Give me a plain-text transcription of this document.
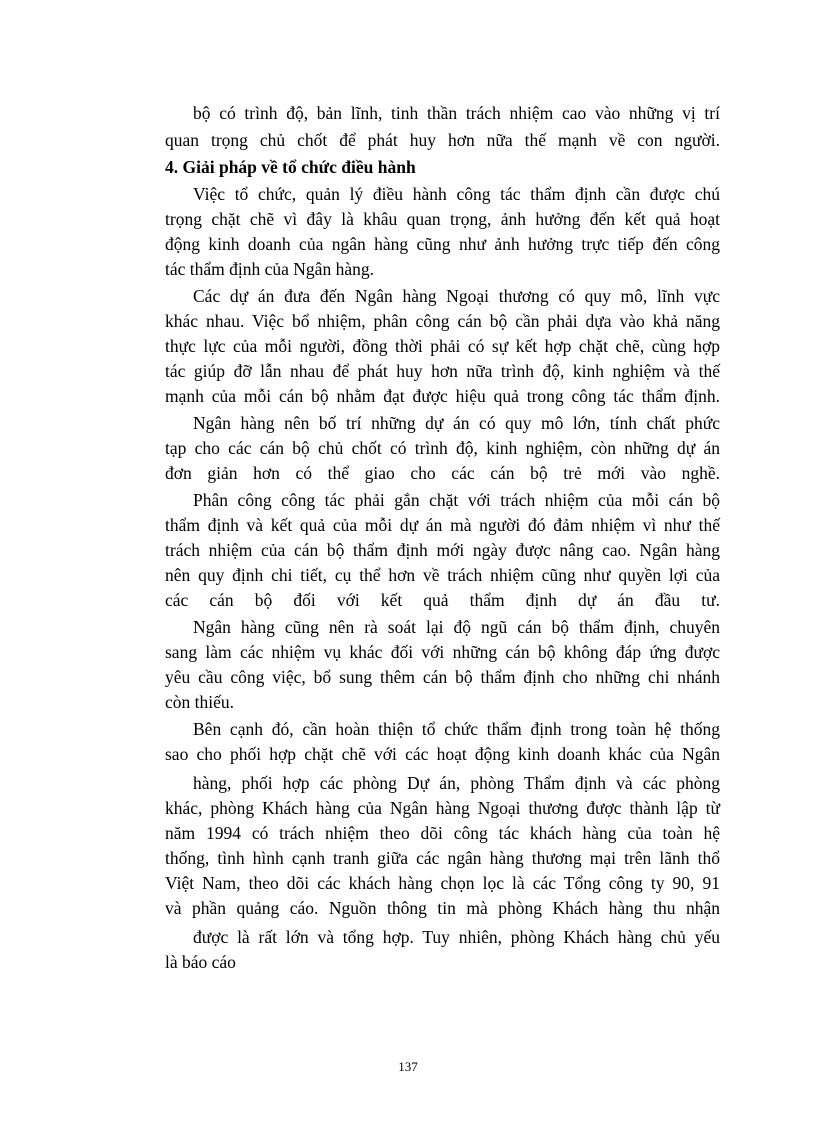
bộ có trình độ, bản lĩnh, tinh thần trách nhiệm cao vào những vị trí
quan trọng chủ chốt để phát huy hơn nữa thế mạnh về con người.
4. Giải pháp về tổ chức điều hành
Việc tổ chức, quản lý điều hành công tác thẩm định cần được chú
trọng chặt chẽ vì đây là khâu quan trọng, ảnh hưởng đến kết quả hoạt
động kinh doanh của ngân hàng cũng như ảnh hưởng trực tiếp đến công
tác thẩm định của Ngân hàng.
Các dự án đưa đến Ngân hàng Ngoại thương có quy mô, lĩnh vực
khác nhau. Việc bổ nhiệm, phân công cán bộ cần phải dựa vào khả năng
thực lực của mỗi người, đồng thời phải có sự kết hợp chặt chẽ, cùng hợp
tác giúp đỡ lẫn nhau để phát huy hơn nữa trình độ, kinh nghiệm và thế
mạnh của mỗi cán bộ nhằm đạt được hiệu quả trong công tác thẩm định.
Ngân hàng nên bố trí những dự án có quy mô lớn, tính chất phức
tạp cho các cán bộ chủ chốt có trình độ, kinh nghiệm, còn những dự án
đơn giản hơn có thể giao cho các cán bộ trẻ mới vào nghề.
Phân công công tác phải gắn chặt với trách nhiệm của mỗi cán bộ
thẩm định và kết quả của mỗi dự án mà người đó đảm nhiệm vì như thế
trách nhiệm của cán bộ thẩm định mới ngày được nâng cao. Ngân hàng
nên quy định chi tiết, cụ thể hơn về trách nhiệm cũng như quyền lợi của
các cán bộ đối với kết quả thẩm định dự án đầu tư.
Ngân hàng cũng nên rà soát lại độ ngũ cán bộ thẩm định, chuyên
sang làm các nhiệm vụ khác đối với những cán bộ không đáp ứng được
yêu cầu công việc, bổ sung thêm cán bộ thẩm định cho những chi nhánh
còn thiếu.
Bên cạnh đó, cần hoàn thiện tổ chức thẩm định trong toàn hệ thống
sao cho phối hợp chặt chẽ với các hoạt động kinh doanh khác của Ngân
hàng, phối hợp các phòng Dự án, phòng Thẩm định và các phòng
khác, phòng Khách hàng của Ngân hàng Ngoại thương được thành lập từ
năm 1994 có trách nhiệm theo dõi công tác khách hàng của toàn hệ
thống, tình hình cạnh tranh giữa các ngân hàng thương mại trên lãnh thổ
Việt Nam, theo dõi các khách hàng chọn lọc là các Tổng công ty 90, 91
và phần quảng cáo. Nguồn thông tin mà phòng Khách hàng thu nhận
được là rất lớn và tổng hợp. Tuy nhiên, phòng Khách hàng chủ yếu
là báo cáo
137
